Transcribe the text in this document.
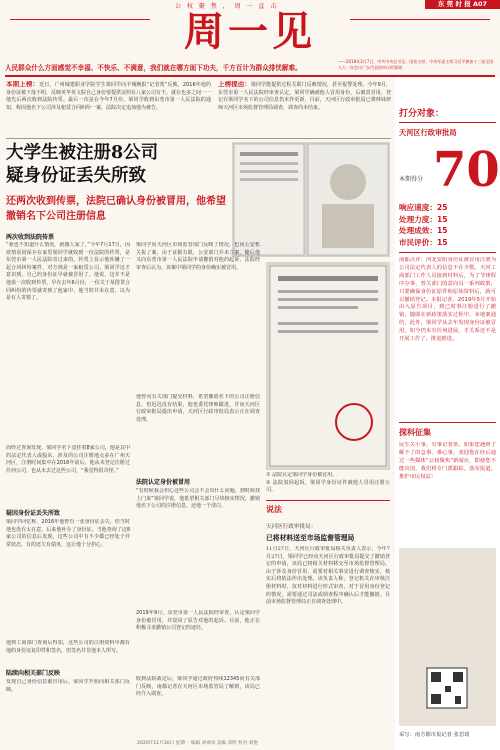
公 权 聚 焦 ， 周 一 直 击	东 莞 时 报 A07
周一见
人民群众什么方面感觉不幸福、不快乐、不满意，我们就在哪方面下功夫，千方百计为群众排忧解难。
——2018年3月7日，中共中央总书记、国家主席、中央军委主席习近平参加十三届全国人大一次会议广东代表团审议时强调
本期上榜：近日，广州城建职业学院学生梁同学向羊城晚报“记者帮”反映，2016年他的身份证被下落不明，反映英华英文院自己身份要提供证照在八家公司有不，就在也多之间一一他先后两次收到法院传票。最后一次是在今年7月份，梁同学收到东莞市第一人民法院的通知，称因他名下公司涉及租赁合同纠纷一案，法院决定追加他为被告。
上榜提由：梁同学能提供过程关联门反映情况，甚至报警处理。今年9月，东莞市第一人民法院经审查认定，梁同学确被他人冒用身份，后被莫冒用，登记在梁同学名下的公司信息仍未作更新，目前，天河区行政审批局已将林妹律师天河区市场监督管理局调查，调查尚未结束。
打分对象：
天河区行政审批局
本期得分 70
响应速度：25
处理力度：15
处理成效：15
市民评价：15
南都点评：河北安阳身份证被冒用注册为公司法定代表人的信息不在少数。天河工商部门工作人员接到材料后，为了节律程序办事、曾关部门的意向具一系列政策，只要确保身份证原件和原始资料后，就可以撤销登记。本报记者，2019年5月开始由入原告项目，到已时事注册进行了撤销，随即在新政策落实过程中，多地案通结，此外，梁同学从去年发现身份证被冒用，如今仍未有任何进展，才关系还不是开展工作了，推进推进。
探科征集
民生关小事，有事记者帮。如果您遇到了解不了的急事、难心事，欢迎您在经后通过一些媒体“公权聚焦”新闻台，即使您不能出国，我们将专门派跟踪，落实报道，推护市民权益！
采写：南方都市报记者 张思琦
大学生被注册8公司
疑身份证丢失所致
还两次收到传票，法院已确认身份被冒用，他希望撤销名下公司注册信息
两次收到法院传票
“我也不知道什么情况，就感人家了，”今年7月17日，因疫情原因保存在家里梁同学就收到一份法院的传票，是东莞市第一人民法院寄过来的。传票上显示他涉嫌了一起合同纠纷案件，对方则是一家租赁公司。梁同学这才意识到，自己的身份证早就被冒用了。他说，这并不是他第一次收到传票，早在去年6月份，一份关于某借贷合同纠纷的传票就寄到了他家中，他当时并未在意，以为是有人寄错了。
而经过查询发现，梁同学名下竟挂着8家公司，他是其中的法定代表人或股东，涉及的公司注册地点多在广州天河区，注册时间集中在2016年前后。他从未登记注册过任何公司，也从未去过这些公司，“我觉得很奇怪。”
疑因身份证丢失所致
梁同学回忆称，2016年他曾有一张身份证丢失，但当时他也没有太在意。后来他补办了身份证。当他查询了这8家公司的信息后发现，这些公司中有不少都已经处于异常状态，有的还欠有债务，这让他十分担心。
他到工商部门查询后得知，这些公司的注册资料中都有他的身份证复印件和签名，但签名并非他本人所写。
陆续向相关部门反映
发现自己身份信息被冒用后，梁同学开始向相关部门反映。
梁同学向天河区市场监管部门反映了情况，也向公安机关报了案，由于证据有限，公安部门并未立案。随后他又向东莞市第一人民法院申请撤销对他的起诉，法院经审查后认为，该案中梁同学的身份确实被冒用。
他曾向有关部门提交材料，希望撤销名下的公司注册信息，但迟迟没有结果，他也委托律师跟进，并向天河区行政审批局提出申请，天河区行政审批局表示正在调查处理。
法院认定身份被冒用
“有时候我会担心这些公司会不会出什么问题，到时候找上门来”梁同学说，他希望相关部门尽快核实情况，撤销他名下公司的注册信息，还他一个清白。
2019年9月，东莞市第一人民法院经审查，认定梁同学身份被冒用，并驳回了原告对他的起诉。目前，他正在积极寻求撤销公司登记的途径。
收到法院裁定后，梁同学通过政府热线12345向有关部门反映，南都记者在天河区市场监管局了解到，该局已经介入调查。
① 法院认定梁同学身份被冒用。
② 法院驳回起诉，梁同学身份证件被他人冒用注册公司。
说法
天河区行政审批局：
已将材料送至市场监督管理局
11月27日，天河区行政审批局相关负责人表示，今年7月27日，梁同学已经向天河区行政审批局提交了撤销登记的申请，该局已将相关材料移交至市场监督管理局。由于涉及身份冒用，需要对相关事实进行调查核实，核实后将依法作出处理。该负责人称，登记机关在审核注册材料时，仅对材料进行形式审查，对于冒用身份登记的情况，需要通过司法或调查程序确认后才能撤销。目前市场监督管理局正在调查处理中。
2020年11月30日 星期一 编辑 刘翠凤 美编 邓明 校对 刘艳
